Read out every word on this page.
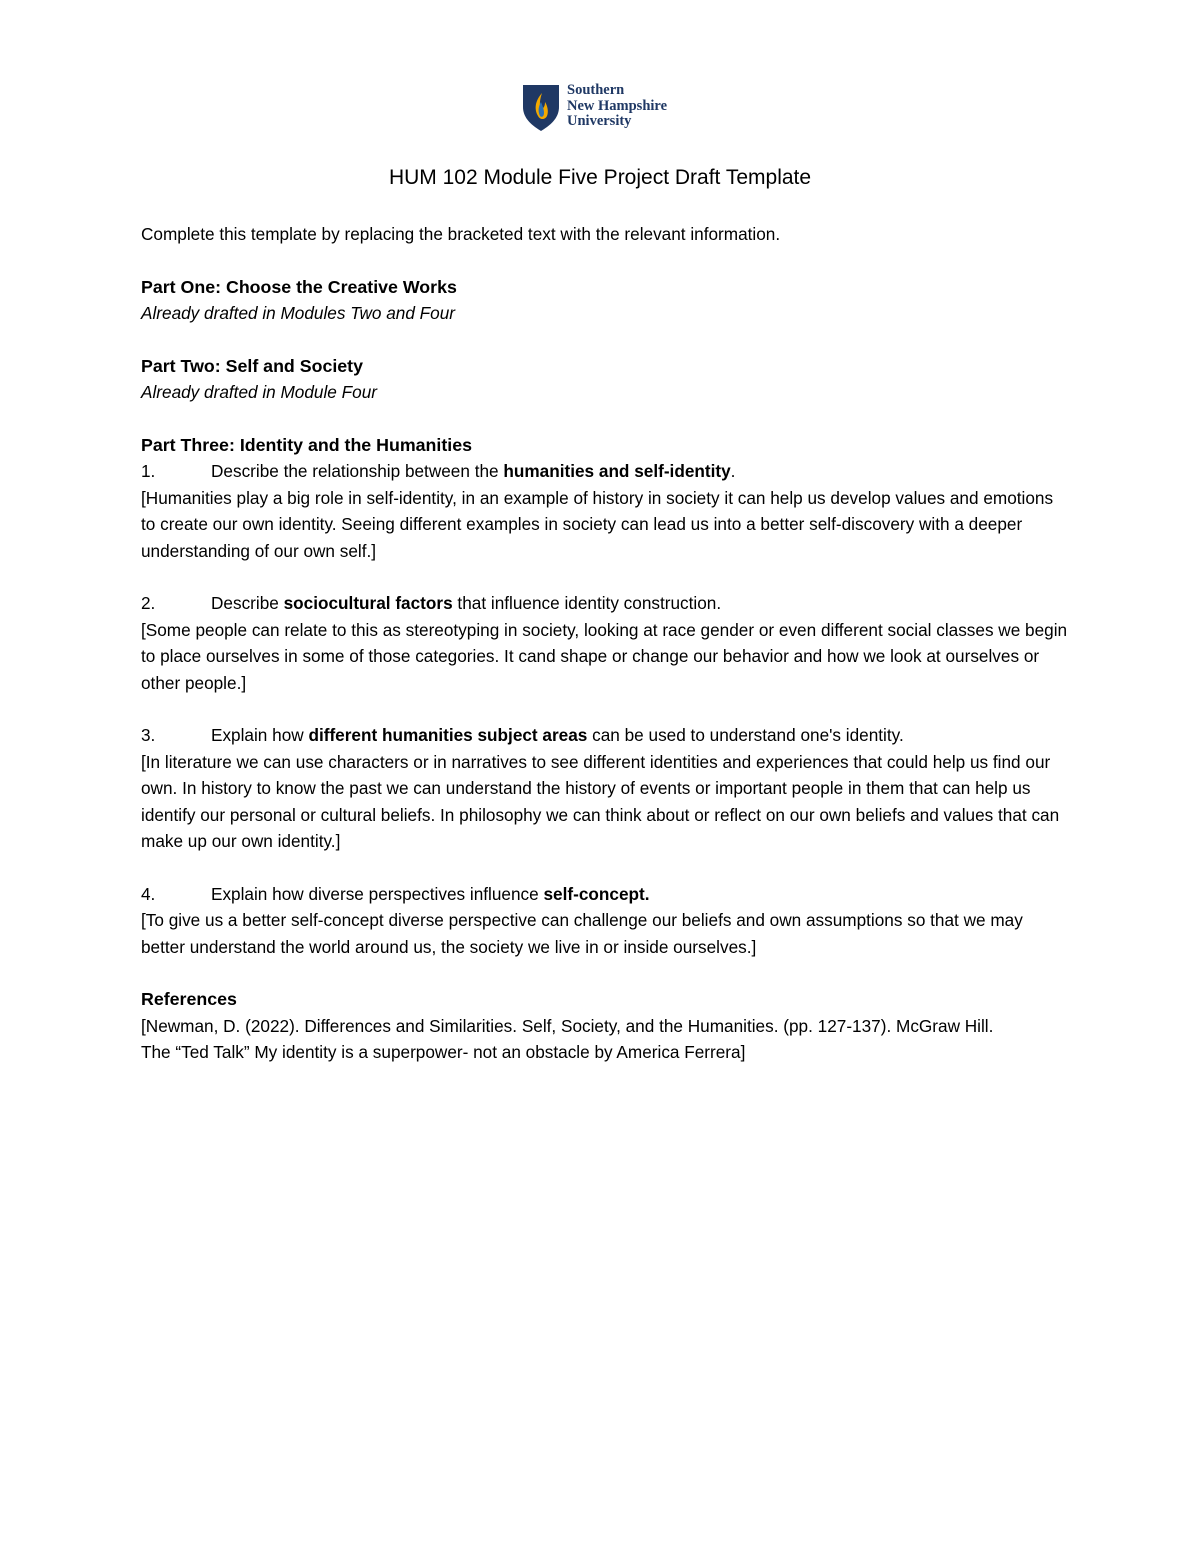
Southern
New Hampshire
University
HUM 102 Module Five Project Draft Template

Complete this template by replacing the bracketed text with the relevant information.

Part One: Choose the Creative Works

Already drafted in Modules Two and Four

Part Two: Self and Society

Already drafted in Module Four

Part Three: Identity and the Humanities

1.	Describe the relationship between the humanities and self-identity.

[Humanities play a big role in self-identity, in an example of history in society it can help us develop values and emotions to create our own identity. Seeing different examples in society can lead us into a better self-discovery with a deeper understanding of our own self.]

2.	Describe sociocultural factors that influence identity construction.

[Some people can relate to this as stereotyping in society, looking at race gender or even different social classes we begin to place ourselves in some of those categories. It cand shape or change our behavior and how we look at ourselves or other people.]

3.	Explain how different humanities subject areas can be used to understand one's identity.

[In literature we can use characters or in narratives to see different identities and experiences that could help us find our own. In history to know the past we can understand the history of events or important people in them that can help us identify our personal or cultural beliefs. In philosophy we can think about or reflect on our own beliefs and values that can make up our own identity.]

4.	Explain how diverse perspectives influence self-concept.

[To give us a better self-concept diverse perspective can challenge our beliefs and own assumptions so that we may better understand the world around us, the society we live in or inside ourselves.]

References

[Newman, D. (2022). Differences and Similarities. Self, Society, and the Humanities. (pp. 127-137). McGraw Hill.

The “Ted Talk” My identity is a superpower- not an obstacle by America Ferrera]
